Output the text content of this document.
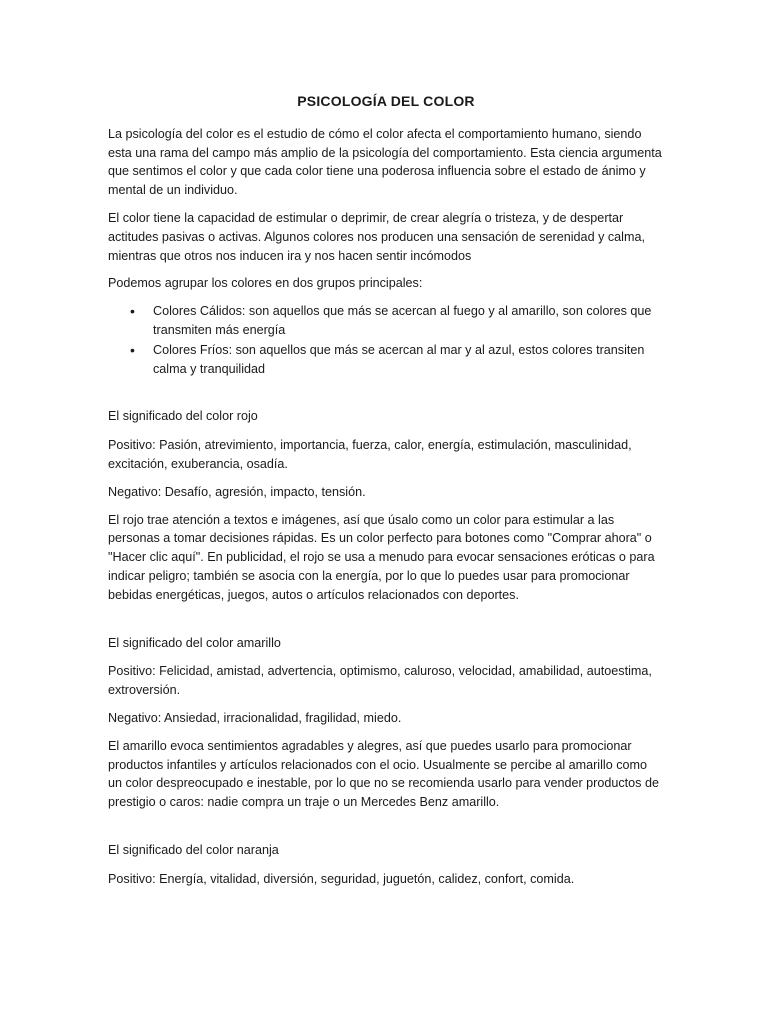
PSICOLOGÍA DEL COLOR

La psicología del color es el estudio de cómo el color afecta el comportamiento humano, siendo esta una rama del campo más amplio de la psicología del comportamiento. Esta ciencia argumenta que sentimos el color y que cada color tiene una poderosa influencia sobre el estado de ánimo y mental de un individuo.

El color tiene la capacidad de estimular o deprimir, de crear alegría o tristeza, y de despertar actitudes pasivas o activas. Algunos colores nos producen una sensación de serenidad y calma, mientras que otros nos inducen ira y nos hacen sentir incómodos

Podemos agrupar los colores en dos grupos principales:

• Colores Cálidos: son aquellos que más se acercan al fuego y al amarillo, son colores que transmiten más energía
• Colores Fríos: son aquellos que más se acercan al mar y al azul, estos colores transiten calma y tranquilidad

El significado del color rojo

Positivo: Pasión, atrevimiento, importancia, fuerza, calor, energía, estimulación, masculinidad, excitación, exuberancia, osadía.

Negativo: Desafío, agresión, impacto, tensión.

El rojo trae atención a textos e imágenes, así que úsalo como un color para estimular a las personas a tomar decisiones rápidas. Es un color perfecto para botones como "Comprar ahora" o "Hacer clic aquí". En publicidad, el rojo se usa a menudo para evocar sensaciones eróticas o para indicar peligro; también se asocia con la energía, por lo que lo puedes usar para promocionar bebidas energéticas, juegos, autos o artículos relacionados con deportes.

El significado del color amarillo

Positivo: Felicidad, amistad, advertencia, optimismo, caluroso, velocidad, amabilidad, autoestima, extroversión.

Negativo: Ansiedad, irracionalidad, fragilidad, miedo.

El amarillo evoca sentimientos agradables y alegres, así que puedes usarlo para promocionar productos infantiles y artículos relacionados con el ocio. Usualmente se percibe al amarillo como un color despreocupado e inestable, por lo que no se recomienda usarlo para vender productos de prestigio o caros: nadie compra un traje o un Mercedes Benz amarillo.

El significado del color naranja

Positivo: Energía, vitalidad, diversión, seguridad, juguetón, calidez, confort, comida.
